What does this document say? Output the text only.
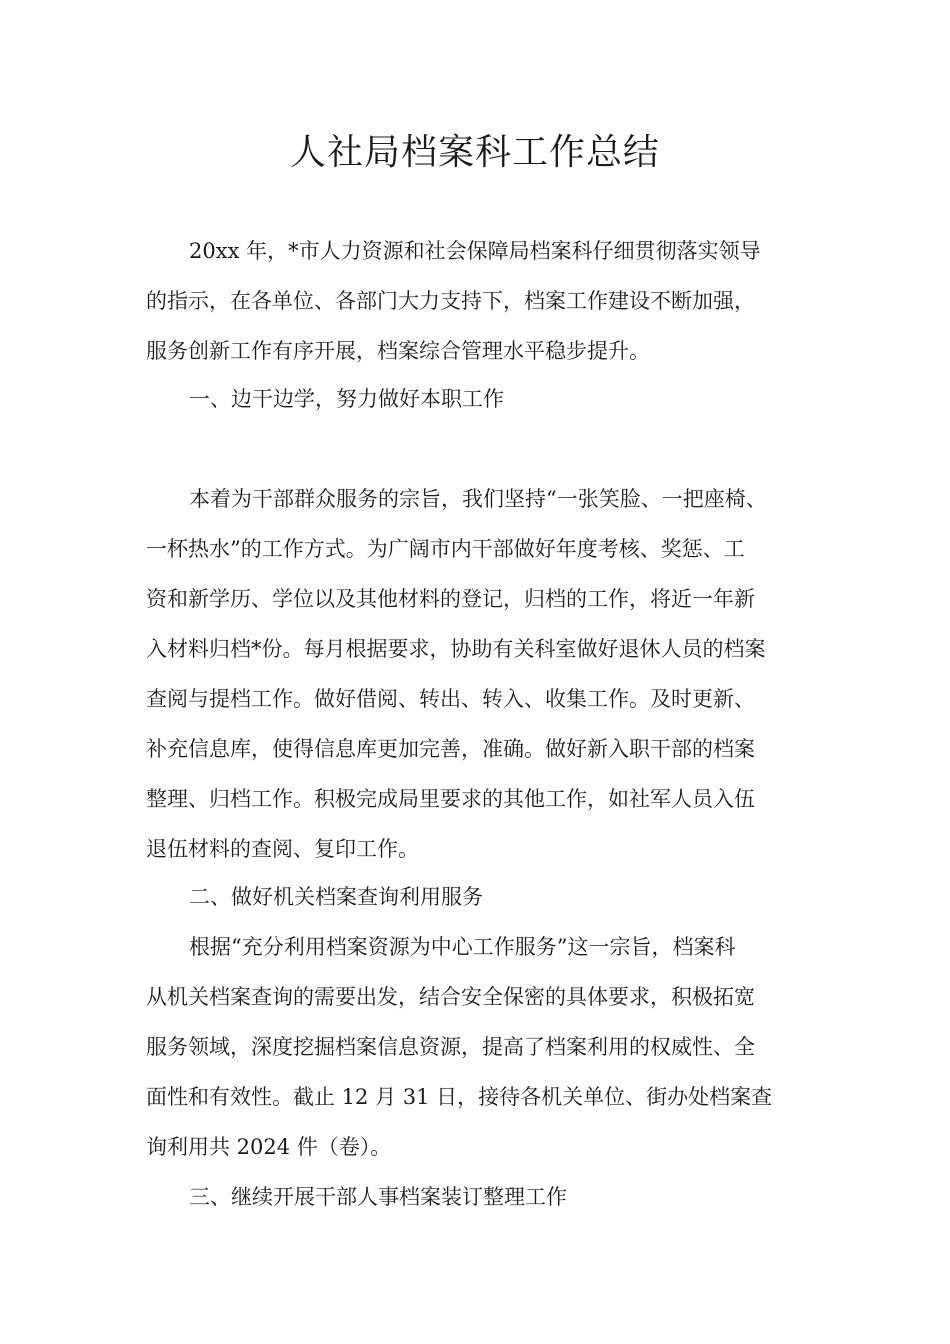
人社局档案科工作总结

20xx 年，*市人力资源和社会保障局档案科仔细贯彻落实领导

的指示，在各单位、各部门大力支持下，档案工作建设不断加强，

服务创新工作有序开展，档案综合管理水平稳步提升。

一、边干边学，努力做好本职工作

本着为干部群众服务的宗旨，我们坚持“一张笑脸、一把座椅、

一杯热水”的工作方式。为广阔市内干部做好年度考核、奖惩、工

资和新学历、学位以及其他材料的登记，归档的工作，将近一年新

入材料归档*份。每月根据要求，协助有关科室做好退休人员的档案

查阅与提档工作。做好借阅、转出、转入、收集工作。及时更新、

补充信息库，使得信息库更加完善，准确。做好新入职干部的档案

整理、归档工作。积极完成局里要求的其他工作，如社军人员入伍

退伍材料的查阅、复印工作。

二、做好机关档案查询利用服务

根据“充分利用档案资源为中心工作服务”这一宗旨，档案科

从机关档案查询的需要出发，结合安全保密的具体要求，积极拓宽

服务领域，深度挖掘档案信息资源，提高了档案利用的权威性、全

面性和有效性。截止 12 月 31 日，接待各机关单位、街办处档案查

询利用共 2024 件（卷）。

三、继续开展干部人事档案装订整理工作
